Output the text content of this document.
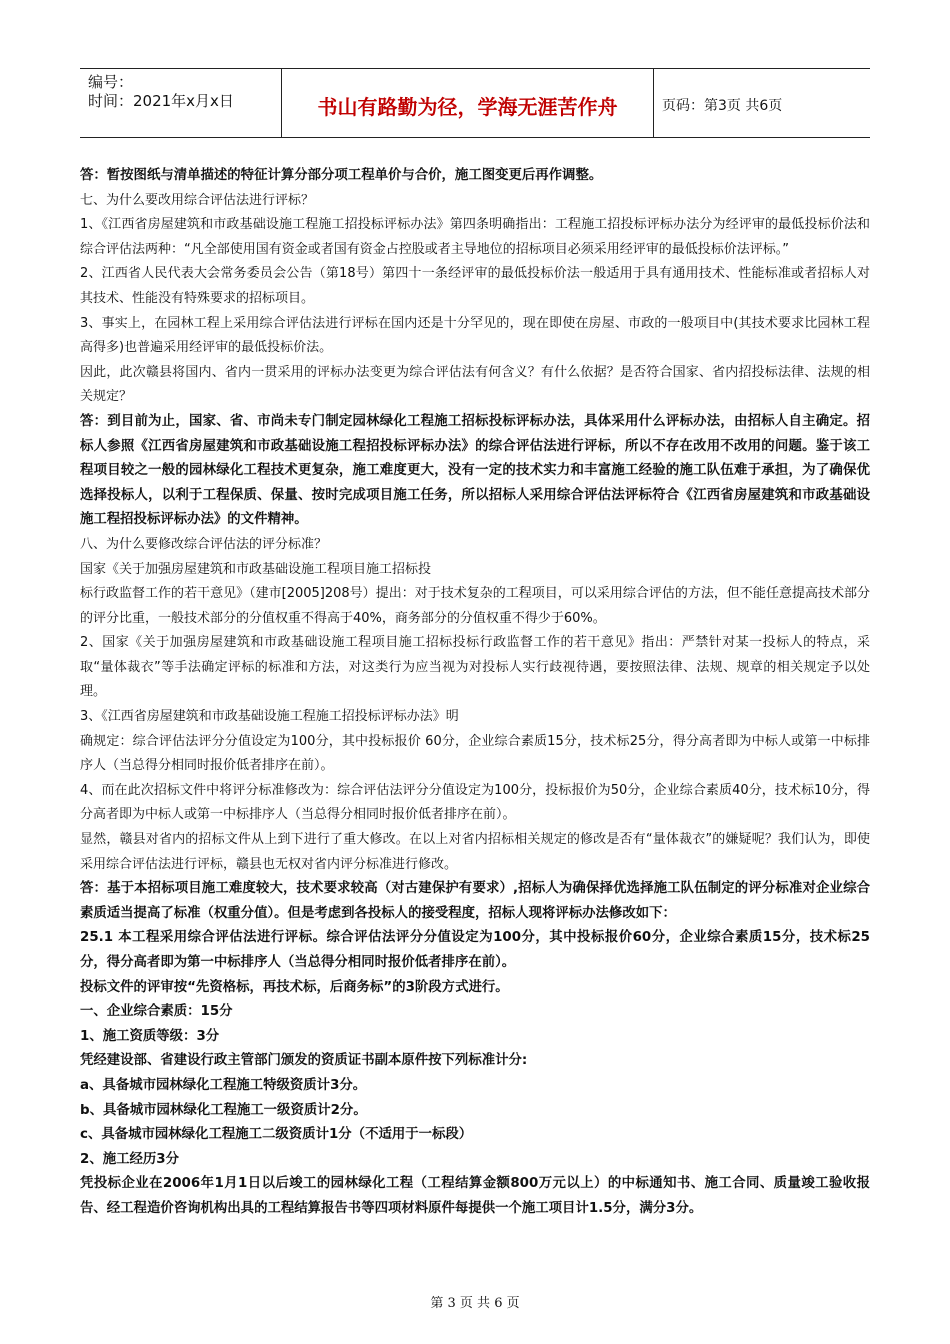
编号：
时间：2021年x月x日	书山有路勤为径，学海无涯苦作舟	页码：第3页 共6页

答：暂按图纸与清单描述的特征计算分部分项工程单价与合价，施工图变更后再作调整。

七、为什么要改用综合评估法进行评标？

1、《江西省房屋建筑和市政基础设施工程施工招投标评标办法》第四条明确指出：工程施工招投标评标办法分为经评审的最低投标价法和综合评估法两种：“凡全部使用国有资金或者国有资金占控股或者主导地位的招标项目必须采用经评审的最低投标价法评标。”

2、江西省人民代表大会常务委员会公告（第18号）第四十一条经评审的最低投标价法一般适用于具有通用技术、性能标准或者招标人对其技术、性能没有特殊要求的招标项目。

3、事实上，在园林工程上采用综合评估法进行评标在国内还是十分罕见的，现在即使在房屋、市政的一般项目中(其技术要求比园林工程高得多)也普遍采用经评审的最低投标价法。

因此，此次赣县将国内、省内一贯采用的评标办法变更为综合评估法有何含义？有什么依据？是否符合国家、省内招投标法律、法规的相关规定？

答：到目前为止，国家、省、市尚未专门制定园林绿化工程施工招标投标评标办法，具体采用什么评标办法，由招标人自主确定。招标人参照《江西省房屋建筑和市政基础设施工程招投标评标办法》的综合评估法进行评标，所以不存在改用不改用的问题。鉴于该工程项目较之一般的园林绿化工程技术更复杂，施工难度更大，没有一定的技术实力和丰富施工经验的施工队伍难于承担，为了确保优选择投标人，以利于工程保质、保量、按时完成项目施工任务，所以招标人采用综合评估法评标符合《江西省房屋建筑和市政基础设施工程招投标评标办法》的文件精神。

八、为什么要修改综合评估法的评分标准？

国家《关于加强房屋建筑和市政基础设施工程项目施工招标投

标行政监督工作的若干意见》（建市[2005]208号）提出：对于技术复杂的工程项目，可以采用综合评估的方法，但不能任意提高技术部分的评分比重，一般技术部分的分值权重不得高于40%，商务部分的分值权重不得少于60%。

2、国家《关于加强房屋建筑和市政基础设施工程项目施工招标投标行政监督工作的若干意见》指出：严禁针对某一投标人的特点，采取“量体裁衣”等手法确定评标的标准和方法，对这类行为应当视为对投标人实行歧视待遇，要按照法律、法规、规章的相关规定予以处理。

3、《江西省房屋建筑和市政基础设施工程施工招投标评标办法》明

确规定：综合评估法评分分值设定为100分，其中投标报价 60分，企业综合素质15分，技术标25分，得分高者即为中标人或第一中标排序人（当总得分相同时报价低者排序在前）。

4、而在此次招标文件中将评分标准修改为：综合评估法评分分值设定为100分，投标报价为50分，企业综合素质40分，技术标10分，得分高者即为中标人或第一中标排序人（当总得分相同时报价低者排序在前）。

显然，赣县对省内的招标文件从上到下进行了重大修改。在以上对省内招标相关规定的修改是否有“量体裁衣”的嫌疑呢？我们认为，即使采用综合评估法进行评标，赣县也无权对省内评分标准进行修改。

答：基于本招标项目施工难度较大，技术要求较高（对古建保护有要求）,招标人为确保择优选择施工队伍制定的评分标准对企业综合素质适当提高了标准（权重分值）。但是考虑到各投标人的接受程度，招标人现将评标办法修改如下：

25.1 本工程采用综合评估法进行评标。综合评估法评分分值设定为100分，其中投标报价60分，企业综合素质15分，技术标25分，得分高者即为第一中标排序人（当总得分相同时报价低者排序在前）。

投标文件的评审按“先资格标，再技术标，后商务标”的3阶段方式进行。

一、企业综合素质：15分

1、施工资质等级：3分

凭经建设部、省建设行政主管部门颁发的资质证书副本原件按下列标准计分:

a、具备城市园林绿化工程施工特级资质计3分。

b、具备城市园林绿化工程施工一级资质计2分。

c、具备城市园林绿化工程施工二级资质计1分（不适用于一标段）

2、施工经历3分

凭投标企业在2006年1月1日以后竣工的园林绿化工程（工程结算金额800万元以上）的中标通知书、施工合同、质量竣工验收报告、经工程造价咨询机构出具的工程结算报告书等四项材料原件每提供一个施工项目计1.5分，满分3分。

第 3 页 共 6 页
